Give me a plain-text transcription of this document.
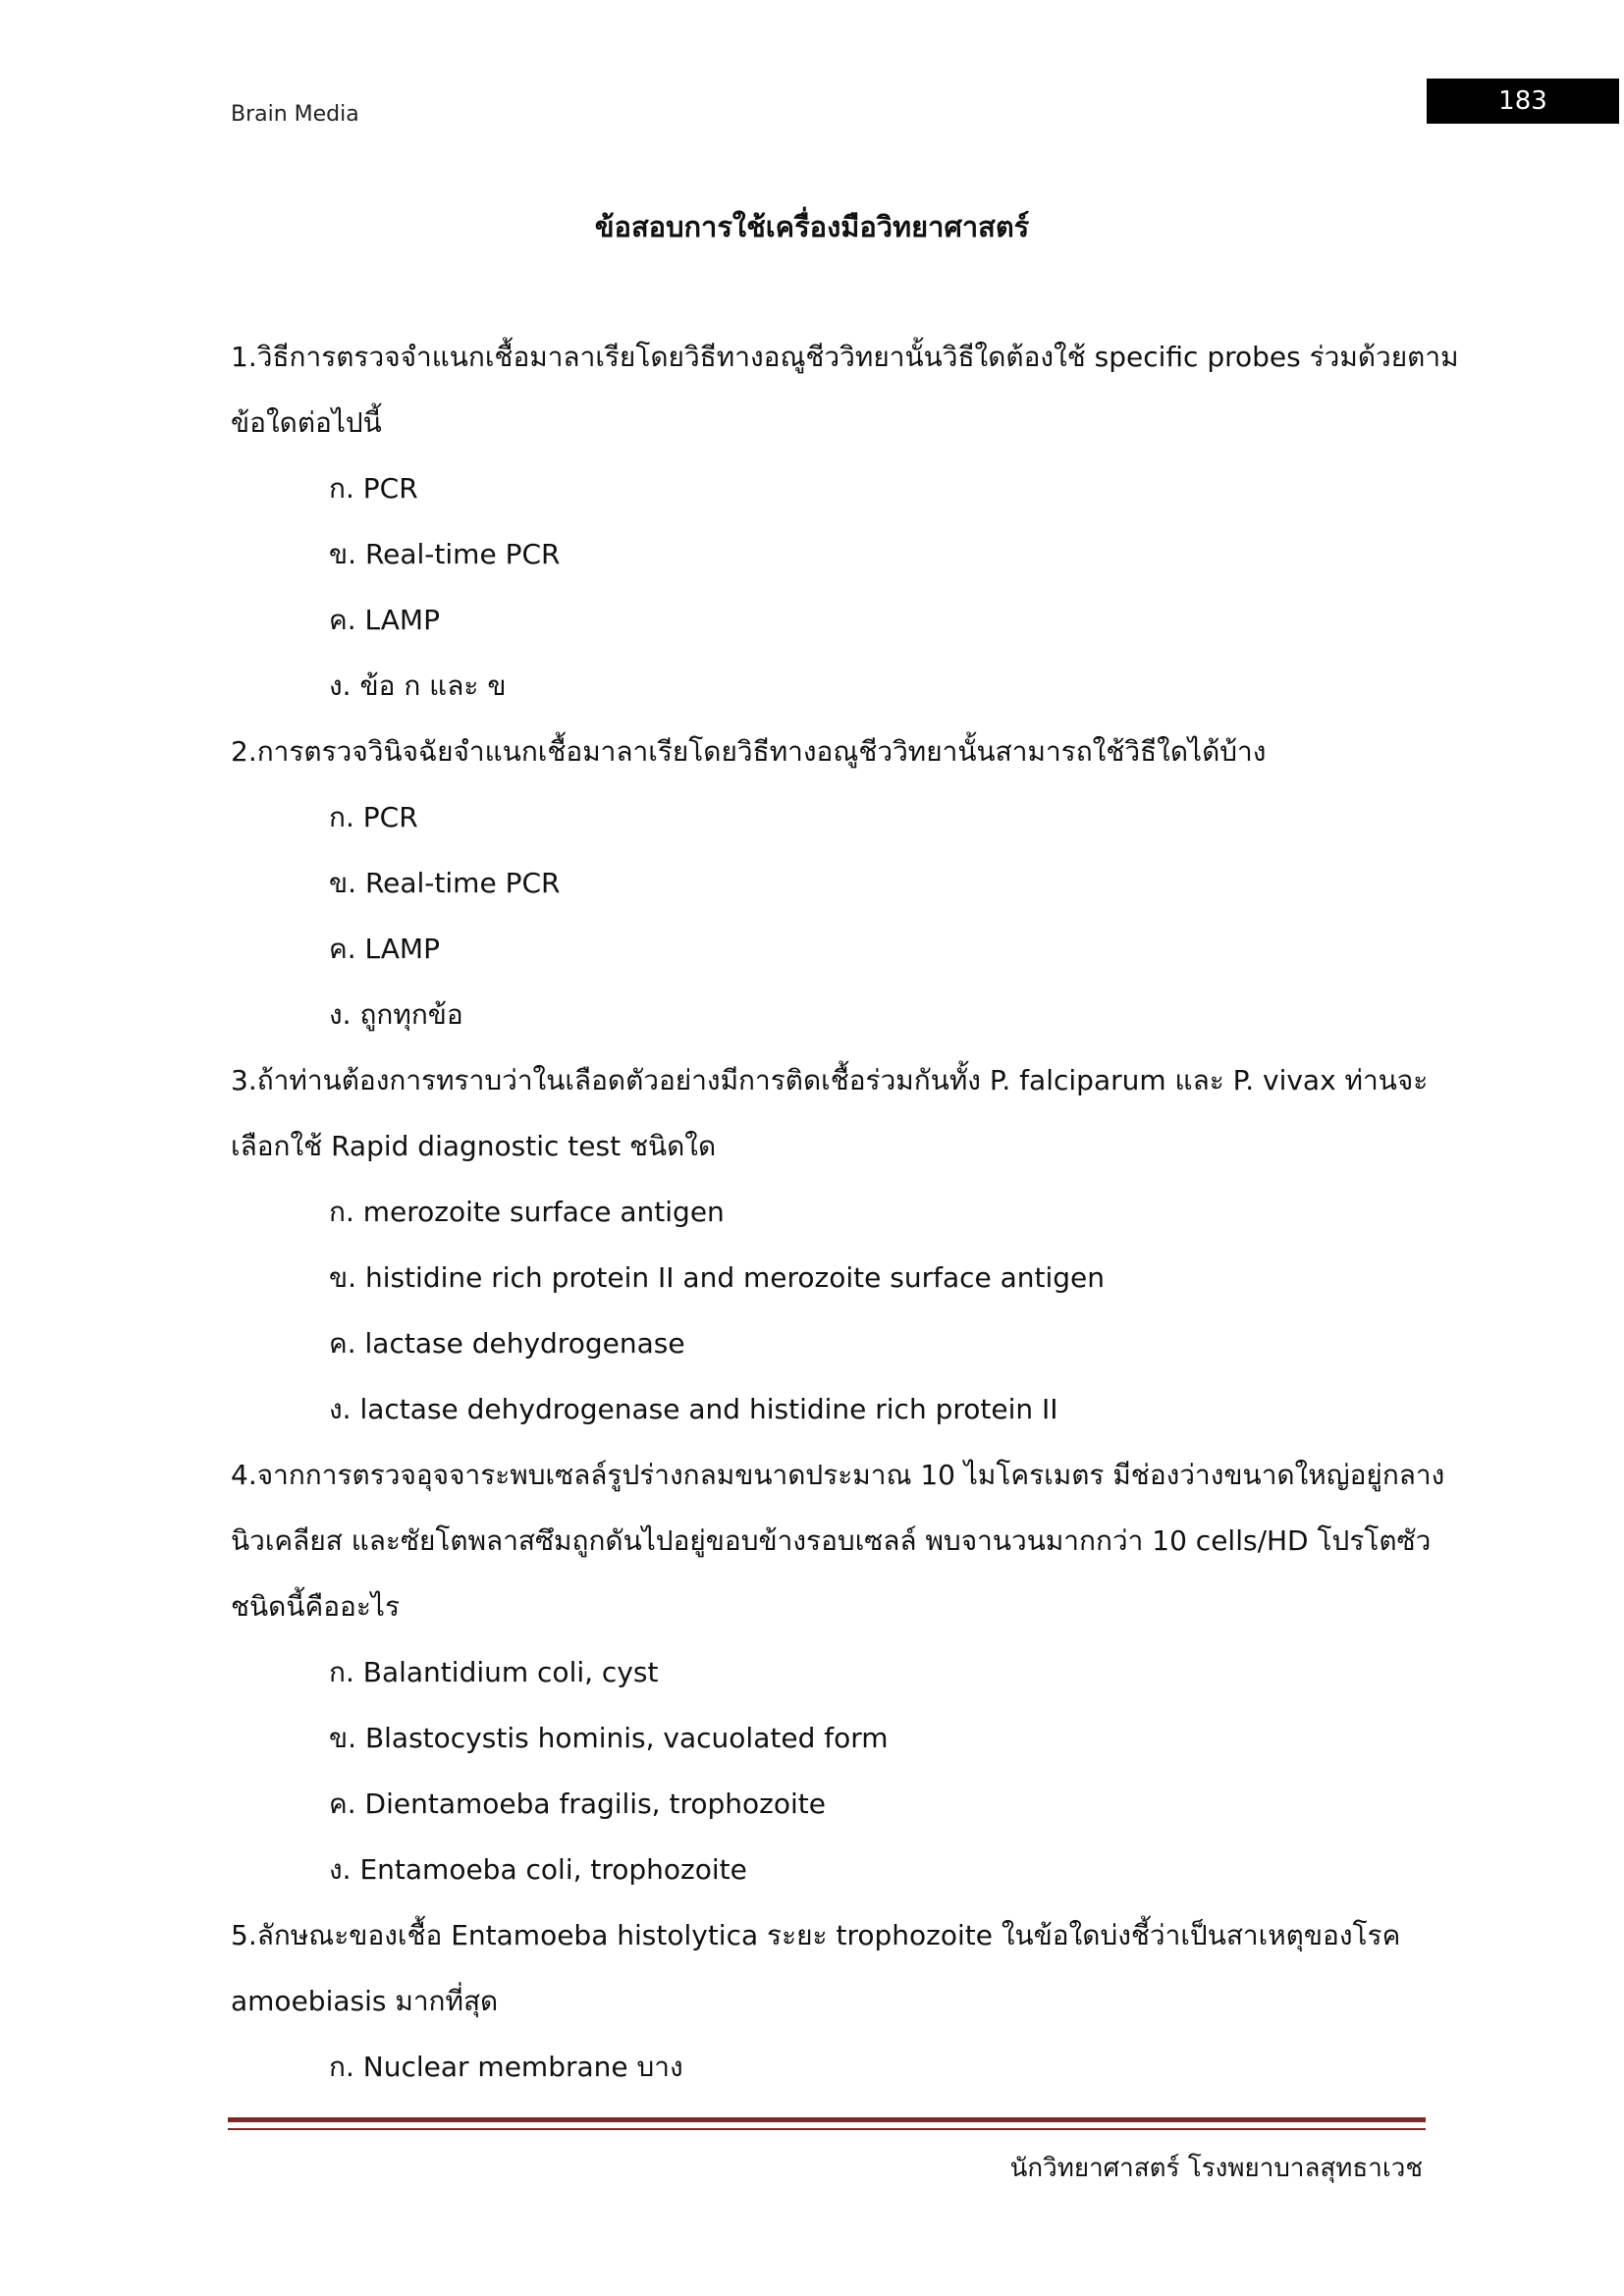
Brain Media	183
ข้อสอบการใช้เครื่องมือวิทยาศาสตร์
1.วิธีการตรวจจำแนกเชื้อมาลาเรียโดยวิธีทางอณูชีววิทยานั้นวิธีใดต้องใช้ specific probes ร่วมด้วยตาม
ข้อใดต่อไปนี้
ก. PCR
ข. Real-time PCR
ค. LAMP
ง. ข้อ ก และ ข
2.การตรวจวินิจฉัยจำแนกเชื้อมาลาเรียโดยวิธีทางอณูชีววิทยานั้นสามารถใช้วิธีใดได้บ้าง
ก. PCR
ข. Real-time PCR
ค. LAMP
ง. ถูกทุกข้อ
3.ถ้าท่านต้องการทราบว่าในเลือดตัวอย่างมีการติดเชื้อร่วมกันทั้ง P. falciparum และ P. vivax ท่านจะ
เลือกใช้ Rapid diagnostic test ชนิดใด
ก. merozoite surface antigen
ข. histidine rich protein II and merozoite surface antigen
ค. lactase dehydrogenase
ง. lactase dehydrogenase and histidine rich protein II
4.จากการตรวจอุจจาระพบเซลล์รูปร่างกลมขนาดประมาณ 10 ไมโครเมตร มีช่องว่างขนาดใหญ่อยู่กลาง
นิวเคลียส และซัยโตพลาสซึมถูกดันไปอยู่ขอบข้างรอบเซลล์ พบจานวนมากกว่า 10 cells/HD โปรโตซัว
ชนิดนี้คืออะไร
ก. Balantidium coli, cyst
ข. Blastocystis hominis, vacuolated form
ค. Dientamoeba fragilis, trophozoite
ง. Entamoeba coli, trophozoite
5.ลักษณะของเชื้อ Entamoeba histolytica ระยะ trophozoite ในข้อใดบ่งชี้ว่าเป็นสาเหตุของโรค
amoebiasis มากที่สุด
ก. Nuclear membrane บาง
นักวิทยาศาสตร์ โรงพยาบาลสุทธาเวช
